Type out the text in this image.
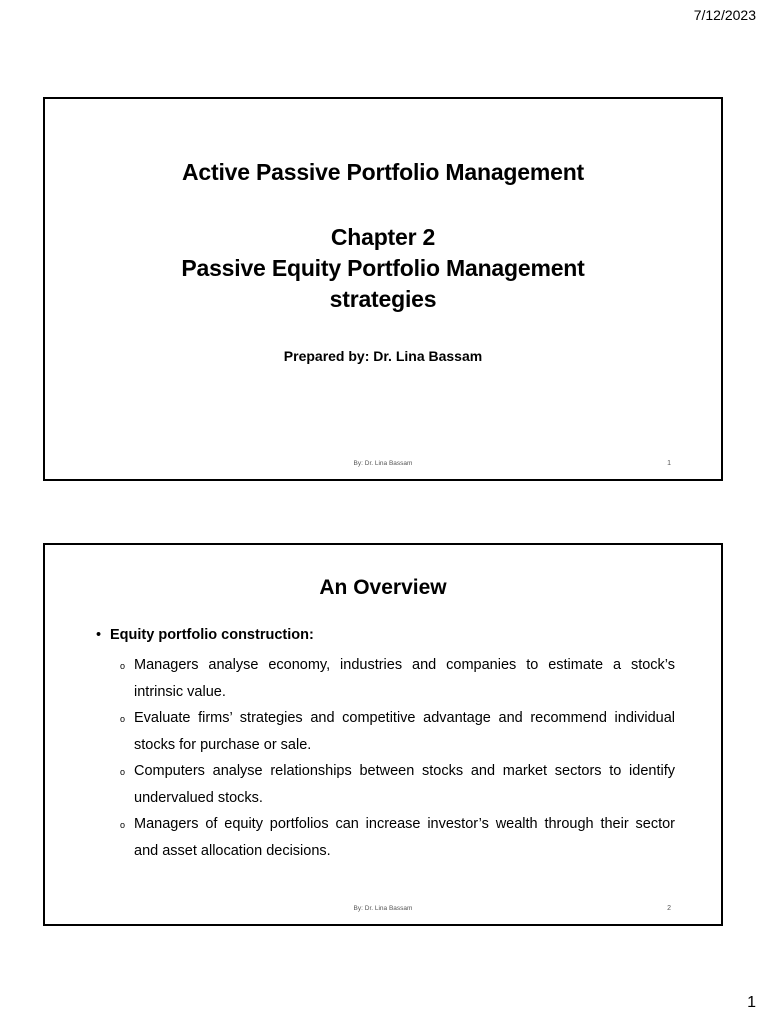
7/12/2023
Active Passive Portfolio Management
Chapter 2
Passive Equity Portfolio Management
strategies
Prepared by: Dr. Lina Bassam
By: Dr. Lina Bassam	1
An Overview
• Equity portfolio construction:
o Managers analyse economy, industries and companies to estimate a stock’s intrinsic value.
o Evaluate firms’ strategies and competitive advantage and recommend individual stocks for purchase or sale.
o Computers analyse relationships between stocks and market sectors to identify undervalued stocks.
o Managers of equity portfolios can increase investor’s wealth through their sector and asset allocation decisions.
By: Dr. Lina Bassam	2
1
